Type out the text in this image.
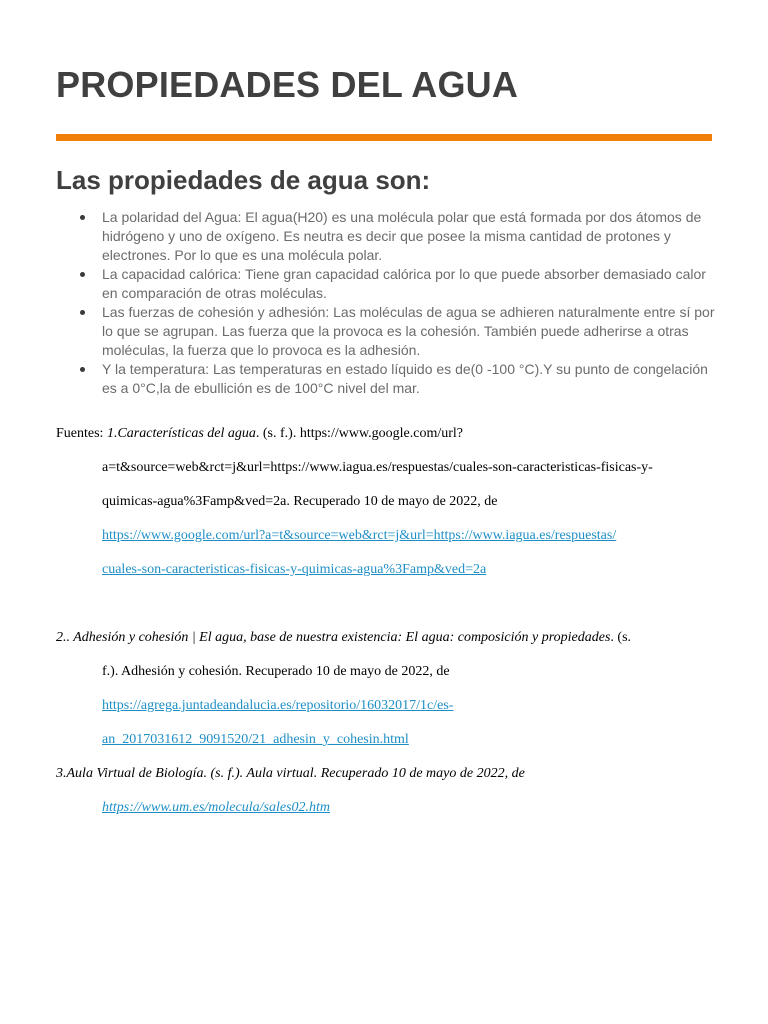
PROPIEDADES DEL AGUA
Las propiedades de agua son:
La polaridad del Agua: El agua(H20) es una molécula polar que está formada por dos átomos de hidrógeno y uno de oxígeno. Es neutra es decir que posee la misma cantidad de protones y electrones. Por lo que es una molécula polar.
La capacidad calórica: Tiene gran capacidad calórica por lo que puede absorber demasiado calor en comparación de otras moléculas.
Las fuerzas de cohesión y adhesión: Las moléculas de agua se adhieren naturalmente entre sí por lo que se agrupan. Las fuerza que la provoca es la cohesión. También puede adherirse a otras moléculas, la fuerza que lo provoca es la adhesión.
Y la temperatura: Las temperaturas en estado líquido es de(0 -100 °C).Y su punto de congelación es a 0°C,la de ebullición es de 100°C nivel del mar.

Fuentes: 1.Características del agua. (s. f.). https://www.google.com/url?

a=t&source=web&rct=j&url=https://www.iagua.es/respuestas/cuales-son-caracteristicas-fisicas-y-

quimicas-agua%3Famp&ved=2a. Recuperado 10 de mayo de 2022, de

https://www.google.com/url?a=t&source=web&rct=j&url=https://www.iagua.es/respuestas/

cuales-son-caracteristicas-fisicas-y-quimicas-agua%3Famp&ved=2a

2.. Adhesión y cohesión | El agua, base de nuestra existencia: El agua: composición y propiedades. (s.

f.). Adhesión y cohesión. Recuperado 10 de mayo de 2022, de

https://agrega.juntadeandalucia.es/repositorio/16032017/1c/es-

an_2017031612_9091520/21_adhesin_y_cohesin.html

3.Aula Virtual de Biología. (s. f.). Aula virtual. Recuperado 10 de mayo de 2022, de

https://www.um.es/molecula/sales02.htm
